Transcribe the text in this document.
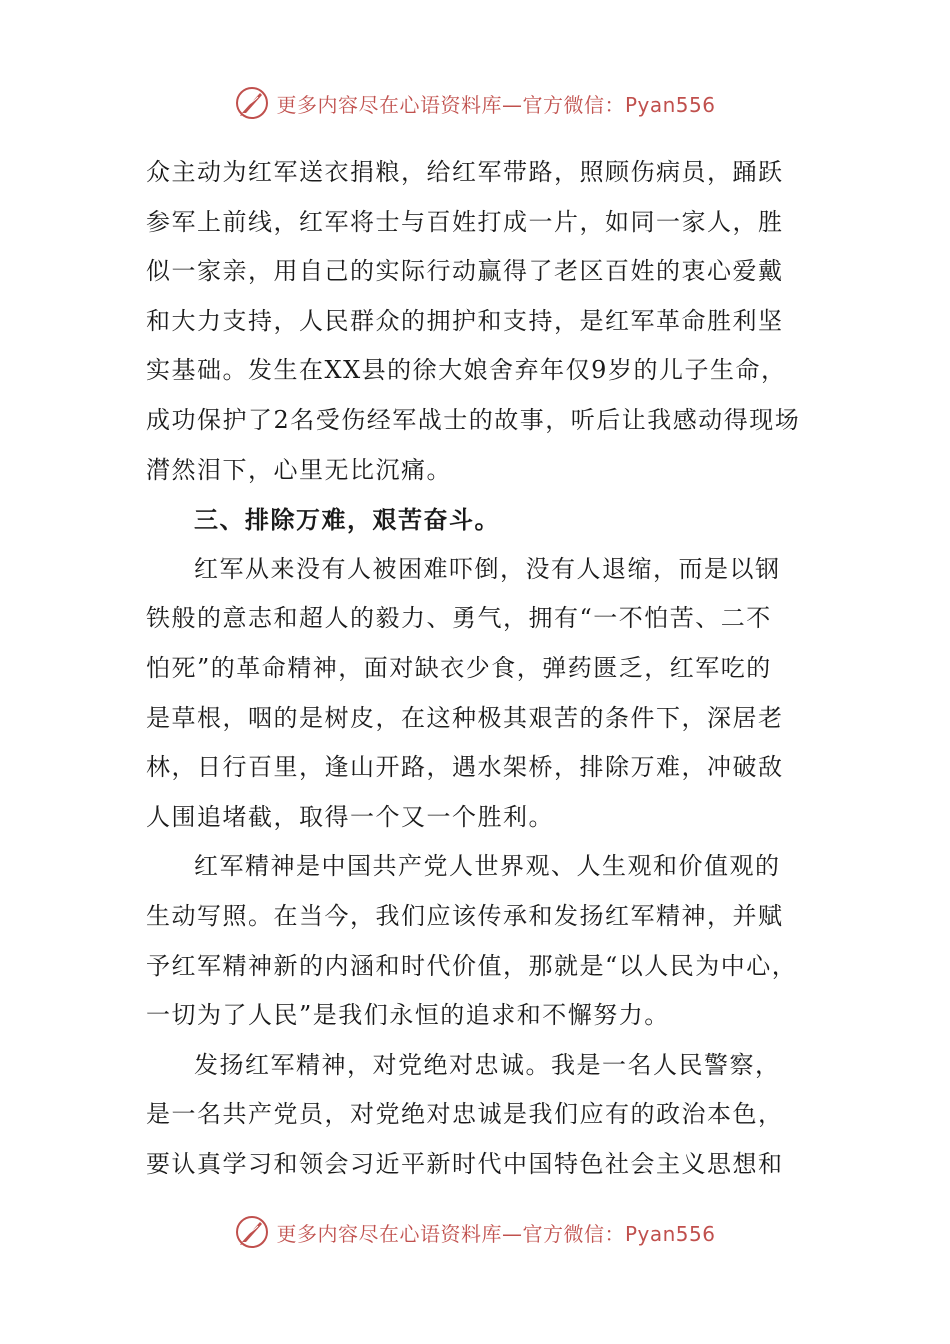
更多内容尽在心语资料库—官方微信：Pyan556
众主动为红军送衣捐粮，给红军带路，照顾伤病员，踊跃
参军上前线，红军将士与百姓打成一片，如同一家人，胜
似一家亲，用自己的实际行动赢得了老区百姓的衷心爱戴
和大力支持，人民群众的拥护和支持，是红军革命胜利坚
实基础。发生在XX县的徐大娘舍弃年仅9岁的儿子生命，
成功保护了2名受伤经军战士的故事，听后让我感动得现场
潸然泪下，心里无比沉痛。
三、排除万难，艰苦奋斗。
红军从来没有人被困难吓倒，没有人退缩，而是以钢
铁般的意志和超人的毅力、勇气，拥有“一不怕苦、二不
怕死”的革命精神，面对缺衣少食，弹药匮乏，红军吃的
是草根，咽的是树皮，在这种极其艰苦的条件下，深居老
林，日行百里，逢山开路，遇水架桥，排除万难，冲破敌
人围追堵截，取得一个又一个胜利。
红军精神是中国共产党人世界观、人生观和价值观的
生动写照。在当今，我们应该传承和发扬红军精神，并赋
予红军精神新的内涵和时代价值，那就是“以人民为中心，
一切为了人民”是我们永恒的追求和不懈努力。
发扬红军精神，对党绝对忠诚。我是一名人民警察，
是一名共产党员，对党绝对忠诚是我们应有的政治本色，
要认真学习和领会习近平新时代中国特色社会主义思想和
更多内容尽在心语资料库—官方微信：Pyan556
